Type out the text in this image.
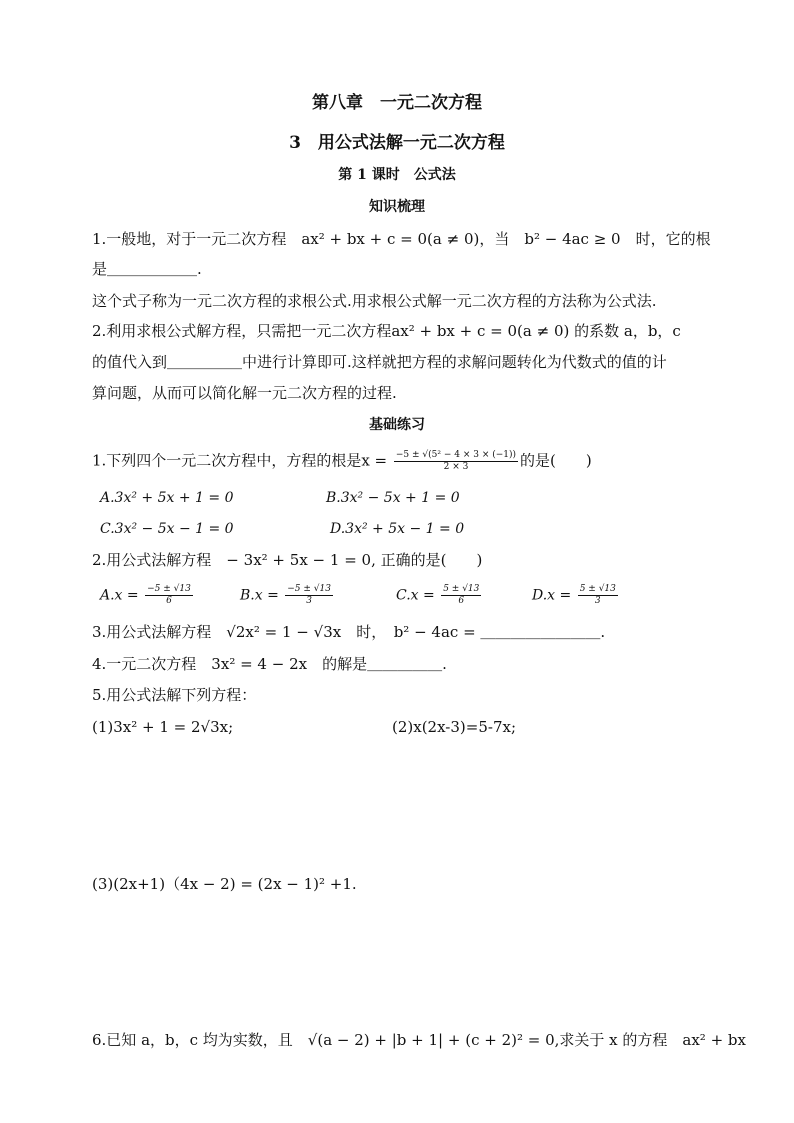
第八章　一元二次方程
3　用公式法解一元二次方程
第 1 课时　公式法
知识梳理
1.一般地，对于一元二次方程　ax² + bx + c = 0(a ≠ 0)，当　b² − 4ac ≥ 0　时，它的根
是＿＿＿＿＿＿.
这个式子称为一元二次方程的求根公式.用求根公式解一元二次方程的方法称为公式法.
2.利用求根公式解方程，只需把一元二次方程ax² + bx + c = 0(a ≠ 0) 的系数 a，b，c
的值代入到＿＿＿＿＿中进行计算即可.这样就把方程的求解问题转化为代数式的值的计
算问题，从而可以简化解一元二次方程的过程.
基础练习
1.下列四个一元二次方程中，方程的根是$x = \frac{\text{−5 ± √(5² − 4 × 3 × (−1))}}{2 \times 3}$ 的是(　　)
A.3x² + 5x + 1 = 0	B.3x² − 5x + 1 = 0
C.3x² − 5x − 1 = 0	D.3x² + 5x − 1 = 0
2.用公式法解方程　− 3x² + 5x − 1 = 0, 正确的是(　　)
$A.x = \frac{-5 \pm √13}{6}$	$B.x = \frac{-5 \pm √13}{3}$	$C.x = \frac{5 \pm √13}{6}$	$D.x = \frac{5 \pm √13}{3}$
3.用公式法解方程　√2x² = 1 − √3x　时，　b² − 4ac = ＿＿＿＿＿＿＿＿.
4.一元二次方程　3x² = 4 − 2x　的解是＿＿＿＿＿.
5.用公式法解下列方程：
(1)3x² + 1 = 2√3x;	(2)x(2x-3)=5-7x;
(3)(2x+1)（4x − 2) = (2x − 1)² +1.
6.已知 a，b，c 均为实数，且　√(a − 2) + |b + 1| + (c + 2)² = 0,求关于 x 的方程　ax² + bx
